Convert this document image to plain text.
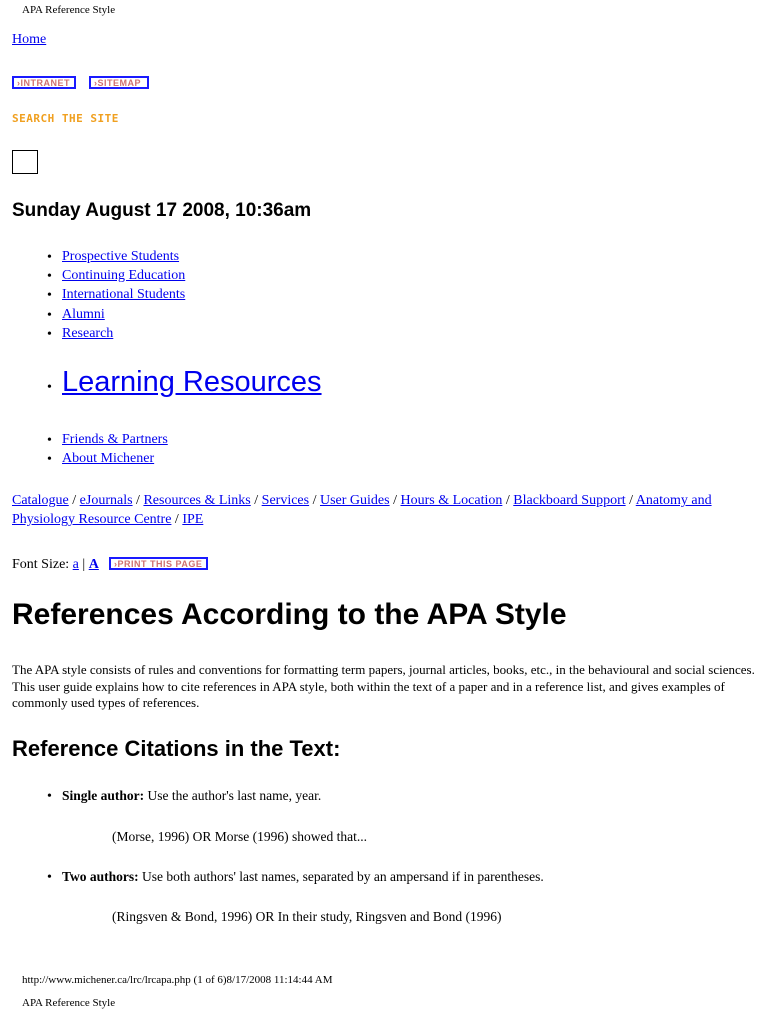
APA Reference Style
Home
›INTRANET	›SITEMAP
SEARCH THE SITE
Sunday August 17 2008, 10:36am
• Prospective Students
• Continuing Education
• International Students
• Alumni
• Research
• Learning Resources
• Friends & Partners
• About Michener
Catalogue / eJournals / Resources & Links / Services / User Guides / Hours & Location / Blackboard Support / Anatomy and Physiology Resource Centre / IPE
Font Size: a | A	›PRINT THIS PAGE
References According to the APA Style
The APA style consists of rules and conventions for formatting term papers, journal articles, books, etc., in the behavioural and social sciences. This user guide explains how to cite references in APA style, both within the text of a paper and in a reference list, and gives examples of commonly used types of references.
Reference Citations in the Text:
• Single author: Use the author's last name, year.
(Morse, 1996) OR Morse (1996) showed that...
• Two authors: Use both authors' last names, separated by an ampersand if in parentheses.
(Ringsven & Bond, 1996) OR In their study, Ringsven and Bond (1996)
http://www.michener.ca/lrc/lrcapa.php (1 of 6)8/17/2008 11:14:44 AM
APA Reference Style
